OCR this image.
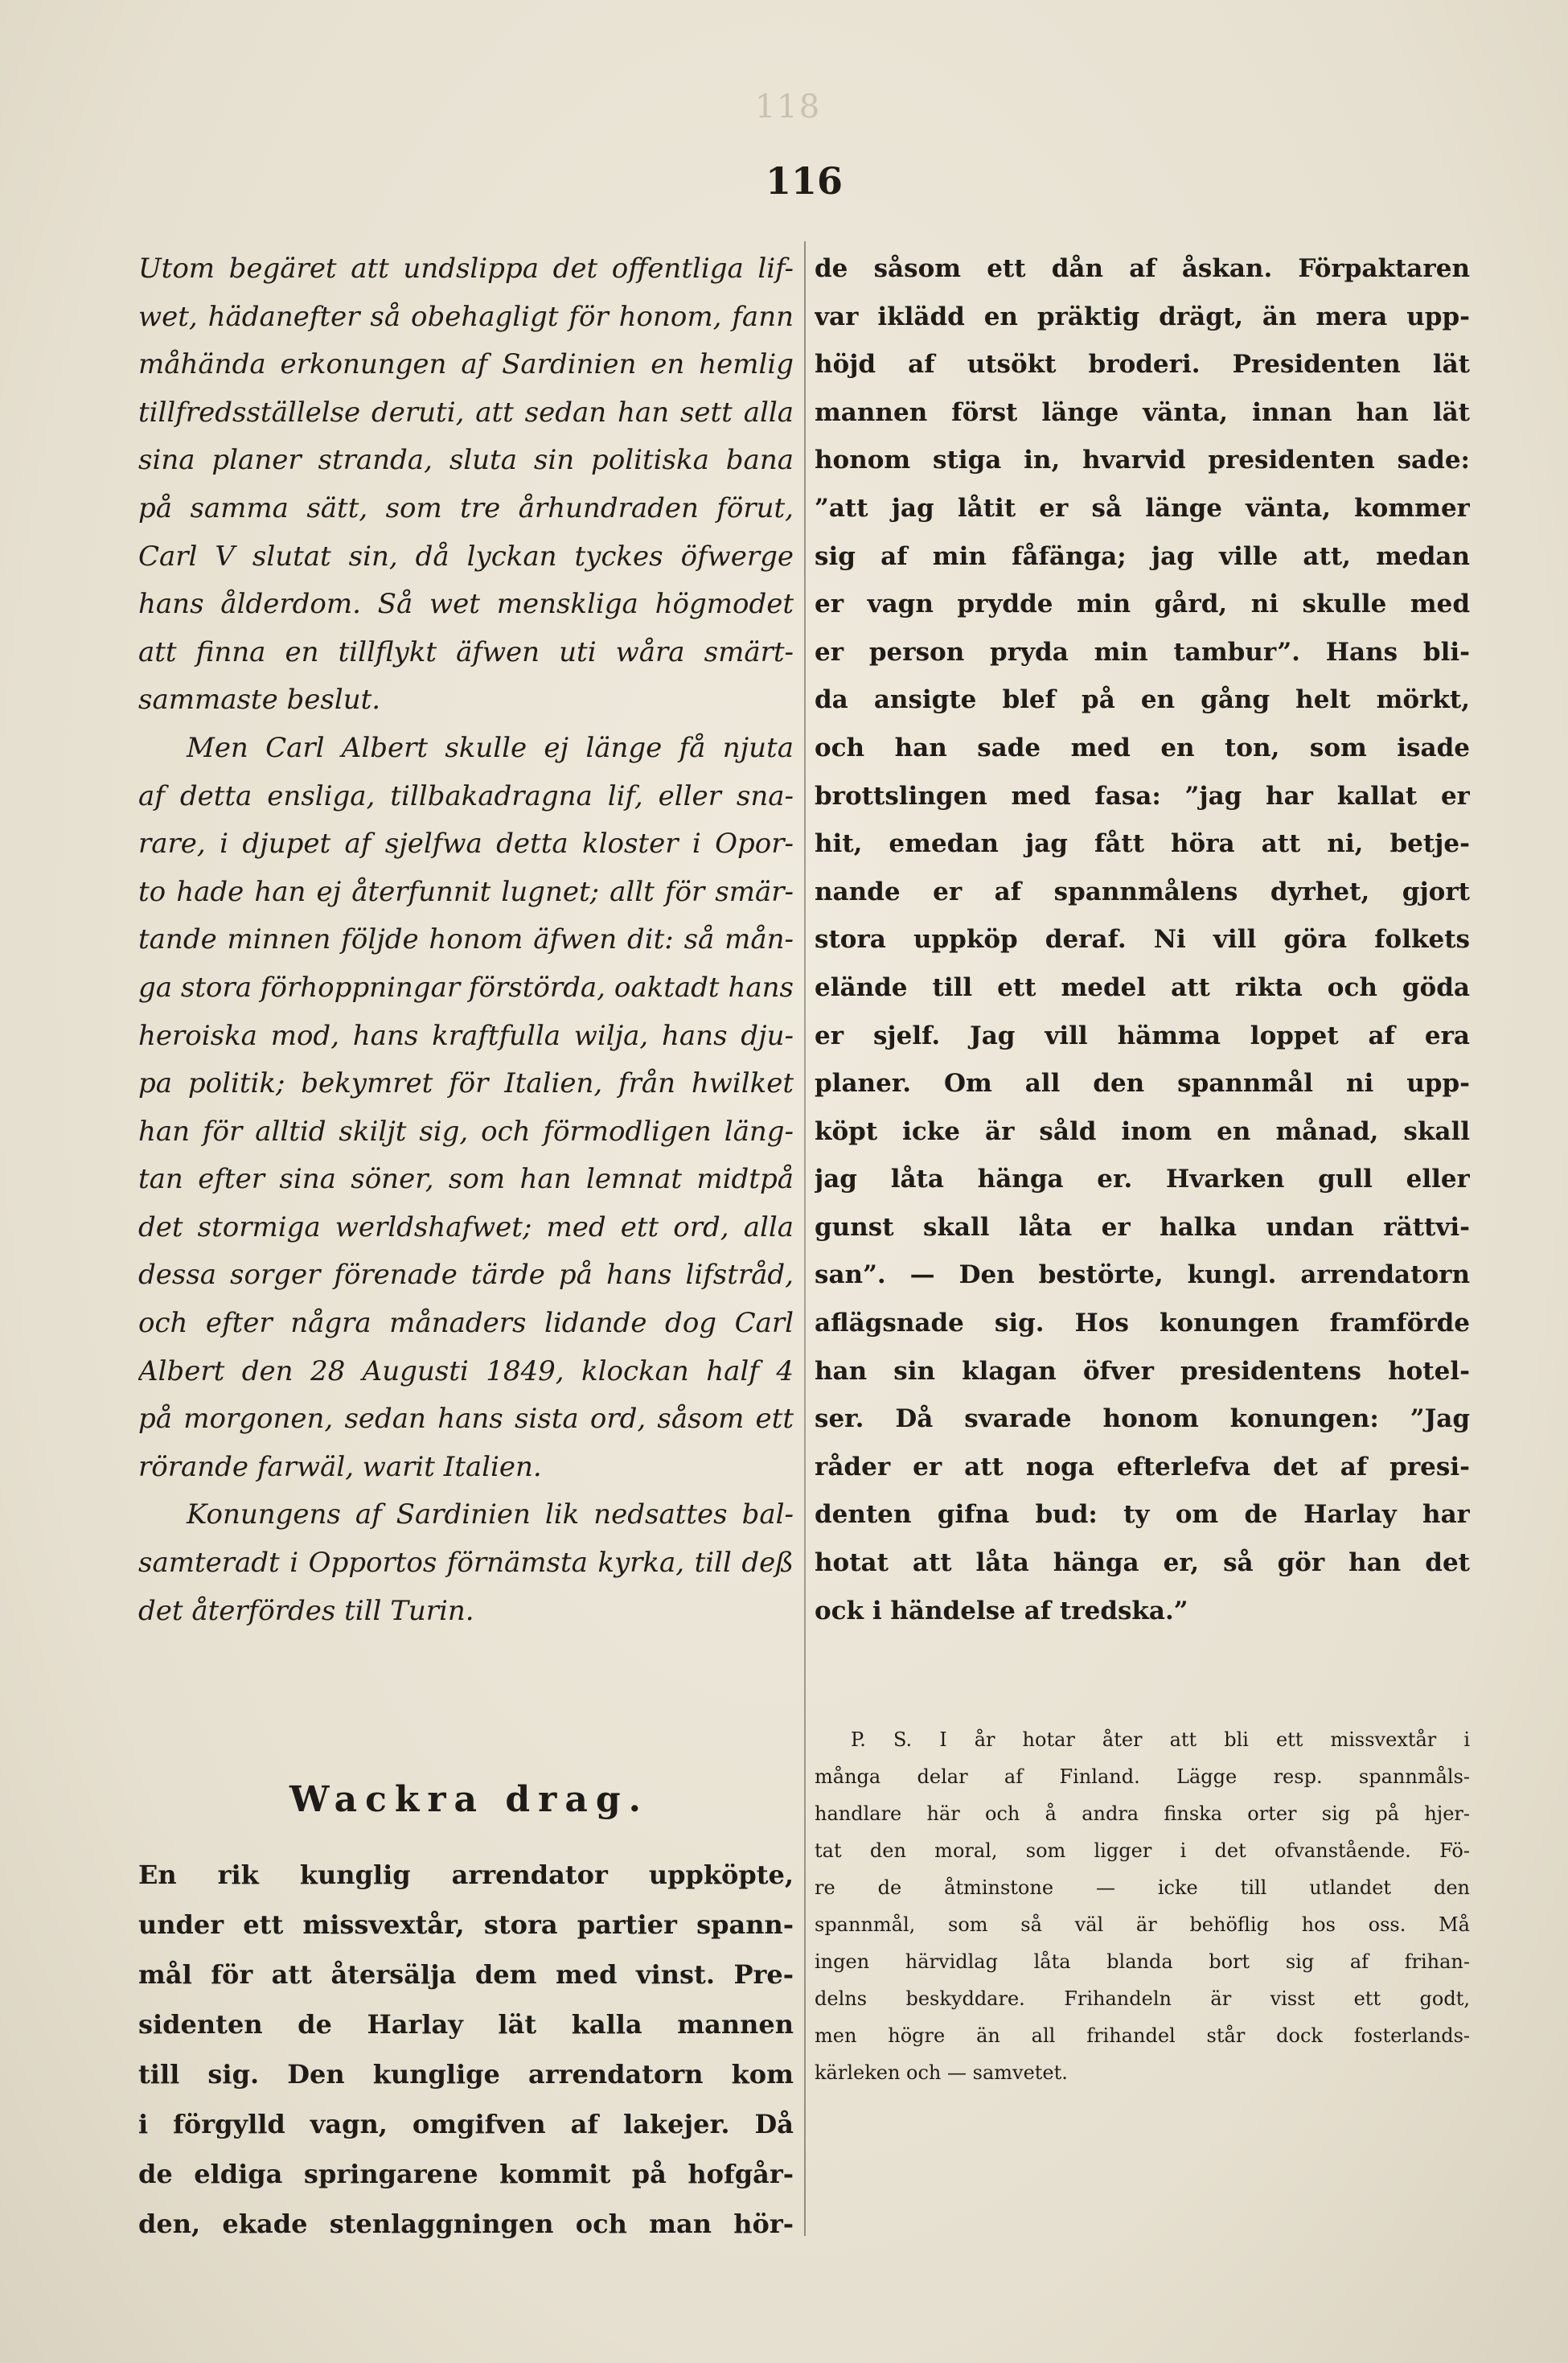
118
116
Utom begäret att undslippa det offentliga lif-
wet, hädanefter så obehagligt för honom, fann
måhända erkonungen af Sardinien en hemlig
tillfredsställelse deruti, att sedan han sett alla
sina planer stranda, sluta sin politiska bana
på samma sätt, som tre århundraden förut,
Carl V slutat sin, då lyckan tyckes öfwerge
hans ålderdom. Så wet menskliga högmodet
att finna en tillflykt äfwen uti wåra smärt-
sammaste beslut.
Men Carl Albert skulle ej länge få njuta
af detta ensliga, tillbakadragna lif, eller sna-
rare, i djupet af sjelfwa detta kloster i Opor-
to hade han ej återfunnit lugnet; allt för smär-
tande minnen följde honom äfwen dit: så mån-
ga stora förhoppningar förstörda, oaktadt hans
heroiska mod, hans kraftfulla wilja, hans dju-
pa politik; bekymret för Italien, från hwilket
han för alltid skiljt sig, och förmodligen läng-
tan efter sina söner, som han lemnat midtpå
det stormiga werldshafwet; med ett ord, alla
dessa sorger förenade tärde på hans lifstråd,
och efter några månaders lidande dog Carl
Albert den 28 Augusti 1849, klockan half 4
på morgonen, sedan hans sista ord, såsom ett
rörande farwäl, warit Italien.
Konungens af Sardinien lik nedsattes bal-
samteradt i Opportos förnämsta kyrka, till deß
det återfördes till Turin.
Wackra drag.
En rik kunglig arrendator uppköpte,
under ett missvextår, stora partier spann-
mål för att återsälja dem med vinst. Pre-
sidenten de Harlay lät kalla mannen
till sig. Den kunglige arrendatorn kom
i förgylld vagn, omgifven af lakejer. Då
de eldiga springarene kommit på hofgår-
den, ekade stenlaggningen och man hör-
de såsom ett dån af åskan. Förpaktaren
var iklädd en präktig drägt, än mera upp-
höjd af utsökt broderi. Presidenten lät
mannen först länge vänta, innan han lät
honom stiga in, hvarvid presidenten sade:
”att jag låtit er så länge vänta, kommer
sig af min fåfänga; jag ville att, medan
er vagn prydde min gård, ni skulle med
er person pryda min tambur”. Hans bli-
da ansigte blef på en gång helt mörkt,
och han sade med en ton, som isade
brottslingen med fasa: ”jag har kallat er
hit, emedan jag fått höra att ni, betje-
nande er af spannmålens dyrhet, gjort
stora uppköp deraf. Ni vill göra folkets
elände till ett medel att rikta och göda
er sjelf. Jag vill hämma loppet af era
planer. Om all den spannmål ni upp-
köpt icke är såld inom en månad, skall
jag låta hänga er. Hvarken gull eller
gunst skall låta er halka undan rättvi-
san”. — Den bestörte, kungl. arrendatorn
aflägsnade sig. Hos konungen framförde
han sin klagan öfver presidentens hotel-
ser. Då svarade honom konungen: ”Jag
råder er att noga efterlefva det af presi-
denten gifna bud: ty om de Harlay har
hotat att låta hänga er, så gör han det
ock i händelse af tredska.”
P. S. I år hotar åter att bli ett missvextår i
många delar af Finland. Lägge resp. spannmåls-
handlare här och å andra finska orter sig på hjer-
tat den moral, som ligger i det ofvanstående. Fö-
re de åtminstone — icke till utlandet den
spannmål, som så väl är behöflig hos oss. Må
ingen härvidlag låta blanda bort sig af frihan-
delns beskyddare. Frihandeln är visst ett godt,
men högre än all frihandel står dock fosterlands-
kärleken och — samvetet.
